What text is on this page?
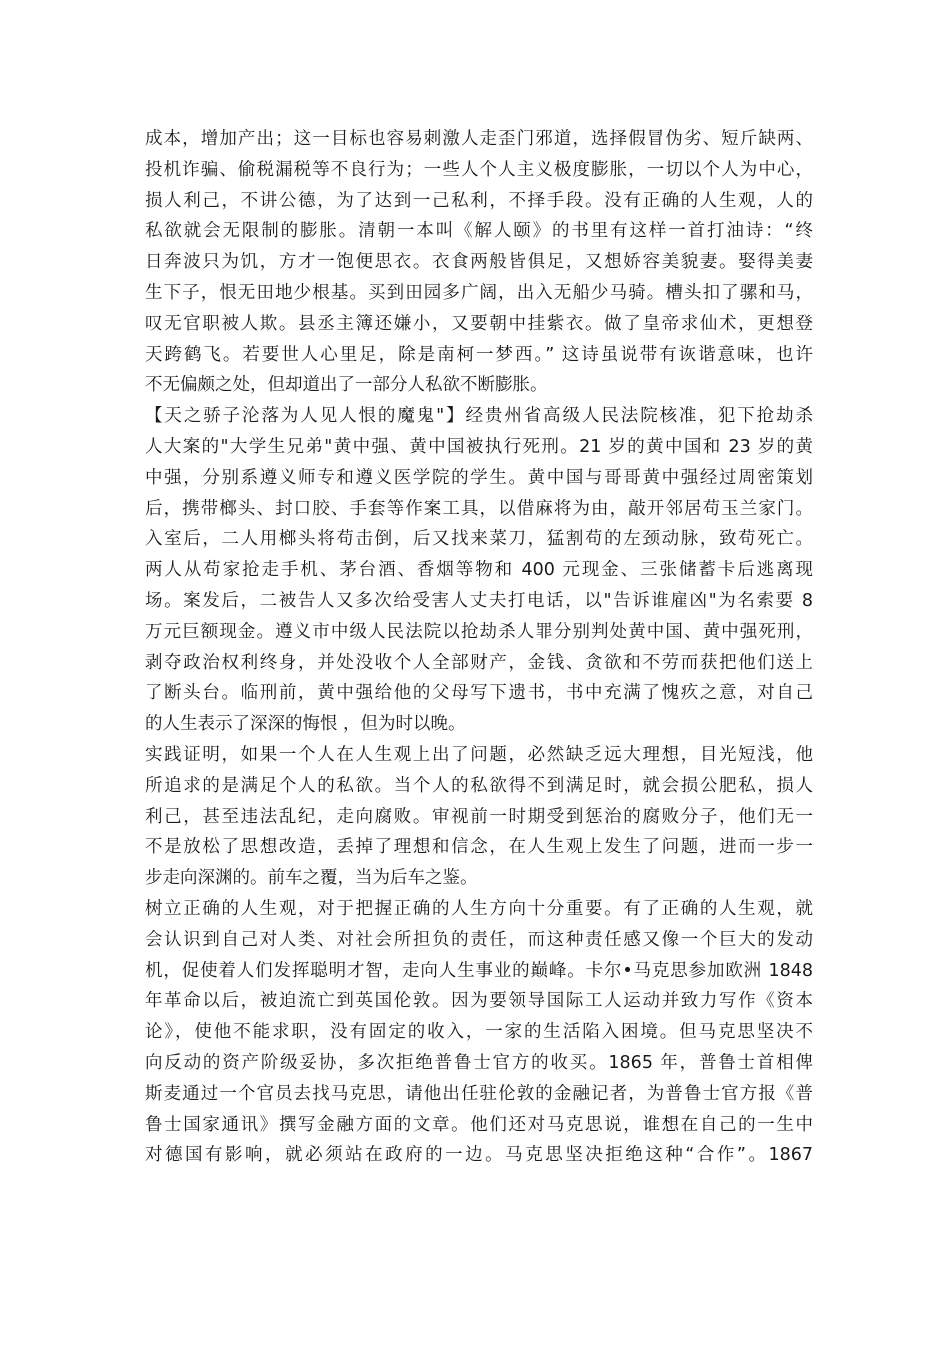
成本，增加产出；这一目标也容易刺激人走歪门邪道，选择假冒伪劣、短斤缺两、
投机诈骗、偷税漏税等不良行为；一些人个人主义极度膨胀，一切以个人为中心，
损人利己，不讲公德，为了达到一己私利，不择手段。没有正确的人生观，人的
私欲就会无限制的膨胀。清朝一本叫《解人颐》的书里有这样一首打油诗：“终
日奔波只为饥，方才一饱便思衣。衣食两般皆俱足，又想娇容美貌妻。娶得美妻
生下子，恨无田地少根基。买到田园多广阔，出入无船少马骑。槽头扣了骡和马，
叹无官职被人欺。县丞主簿还嫌小，又要朝中挂紫衣。做了皇帝求仙术，更想登
天跨鹤飞。若要世人心里足，除是南柯一梦西。” 这诗虽说带有诙谐意味，也许
不无偏颇之处，但却道出了一部分人私欲不断膨胀。
【天之骄子沦落为人见人恨的魔鬼"】经贵州省高级人民法院核准，犯下抢劫杀
人大案的"大学生兄弟"黄中强、黄中国被执行死刑。21 岁的黄中国和 23 岁的黄
中强，分别系遵义师专和遵义医学院的学生。黄中国与哥哥黄中强经过周密策划
后，携带榔头、封口胶、手套等作案工具，以借麻将为由，敲开邻居苟玉兰家门。
入室后，二人用榔头将苟击倒，后又找来菜刀，猛割苟的左颈动脉，致苟死亡。
两人从苟家抢走手机、茅台酒、香烟等物和 400 元现金、三张储蓄卡后逃离现
场。案发后，二被告人又多次给受害人丈夫打电话，以"告诉谁雇凶"为名索要 8
万元巨额现金。遵义市中级人民法院以抢劫杀人罪分别判处黄中国、黄中强死刑，
剥夺政治权利终身，并处没收个人全部财产，金钱、贪欲和不劳而获把他们送上
了断头台。临刑前，黄中强给他的父母写下遗书，书中充满了愧疚之意，对自己
的人生表示了深深的悔恨 ，但为时以晚。
实践证明，如果一个人在人生观上出了问题，必然缺乏远大理想，目光短浅，他
所追求的是满足个人的私欲。当个人的私欲得不到满足时，就会损公肥私，损人
利己，甚至违法乱纪，走向腐败。审视前一时期受到惩治的腐败分子，他们无一
不是放松了思想改造，丢掉了理想和信念，在人生观上发生了问题，进而一步一
步走向深渊的。前车之覆，当为后车之鉴。
树立正确的人生观，对于把握正确的人生方向十分重要。有了正确的人生观，就
会认识到自己对人类、对社会所担负的责任，而这种责任感又像一个巨大的发动
机，促使着人们发挥聪明才智，走向人生事业的巅峰。卡尔•马克思参加欧洲 1848
年革命以后，被迫流亡到英国伦敦。因为要领导国际工人运动并致力写作《资本
论》，使他不能求职，没有固定的收入，一家的生活陷入困境。但马克思坚决不
向反动的资产阶级妥协，多次拒绝普鲁士官方的收买。1865 年，普鲁士首相俾
斯麦通过一个官员去找马克思，请他出任驻伦敦的金融记者，为普鲁士官方报《普
鲁士国家通讯》撰写金融方面的文章。他们还对马克思说，谁想在自己的一生中
对德国有影响，就必须站在政府的一边。马克思坚决拒绝这种“合作”。1867
